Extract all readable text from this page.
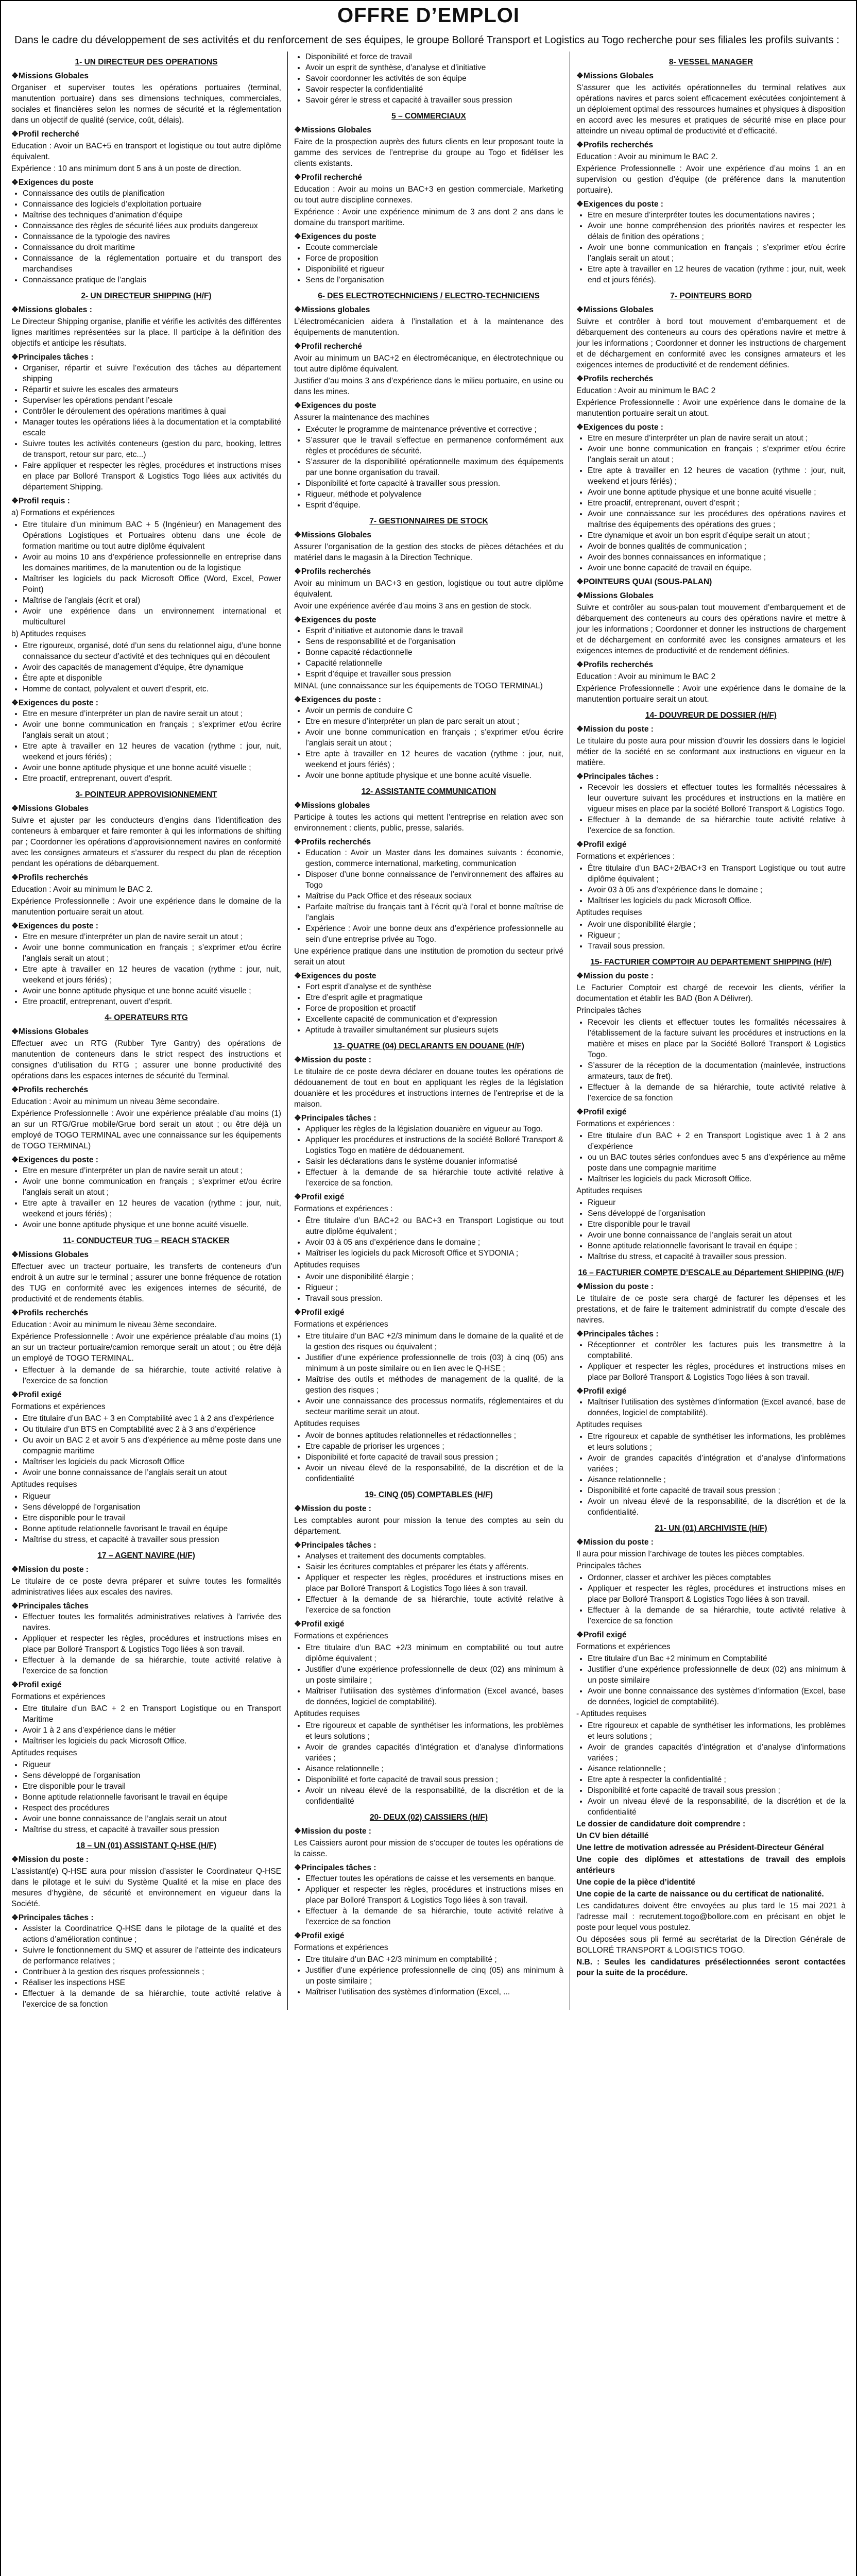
OFFRE D’EMPLOI
Dans le cadre du développement de ses activités et du renforcement de ses équipes, le groupe Bolloré Transport et Logistics au Togo recherche pour ses filiales les profils suivants :
1- UN DIRECTEUR DES OPERATIONS
❖ Missions Globales
Organiser et superviser toutes les opérations portuaires (terminal, manutention portuaire) dans ses dimensions techniques, commerciales, sociales et financières selon les normes de sécurité et la réglementation dans un objectif de qualité (service, coût, délais).
❖ Profil recherché
Education : Avoir un BAC+5 en transport et logistique ou tout autre diplôme équivalent.
Expérience : 10 ans minimum dont 5 ans à un poste de direction.
❖ Exigences du poste
• Connaissance des outils de planification
• Connaissance des logiciels d’exploitation portuaire
• Maîtrise des techniques d’animation d’équipe
• Connaissance des règles de sécurité liées aux produits dangereux
• Connaissance de la typologie des navires
• Connaissance du droit maritime
• Connaissance de la réglementation portuaire et du transport des marchandises
• Connaissance pratique de l’anglais
2- UN DIRECTEUR SHIPPING (H/F)
❖ Missions globales :
Le Directeur Shipping organise, planifie et vérifie les activités des différentes lignes maritimes représentées sur la place. Il participe à la définition des objectifs et anticipe les résultats.
❖ Principales tâches :
• Organiser, répartir et suivre l’exécution des tâches au département shipping
• Répartir et suivre les escales des armateurs
• Superviser les opérations pendant l’escale
• Contrôler le déroulement des opérations maritimes à quai
• Manager toutes les opérations liées à la documentation et la comptabilité escale
• Suivre toutes les activités conteneurs (gestion du parc, booking, lettres de transport, retour sur parc, etc...)
• Faire appliquer et respecter les règles, procédures et instructions mises en place par Bolloré Transport & Logistics Togo liées aux activités du département Shipping.
❖ Profil requis :
a) Formations et expériences
• Etre titulaire d’un minimum BAC + 5 (Ingénieur) en Management des Opérations Logistiques et Portuaires obtenu dans une école de formation maritime ou tout autre diplôme équivalent
• Avoir au moins 10 ans d’expérience professionnelle en entreprise dans les domaines maritimes, de la manutention ou de la logistique
• Maîtriser les logiciels du pack Microsoft Office (Word, Excel, Power Point)
• Maîtrise de l’anglais (écrit et oral)
• Avoir une expérience dans un environnement international et multiculturel
b) Aptitudes requises
• Etre rigoureux, organisé, doté d’un sens du relationnel aigu, d’une bonne connaissance du secteur d’activité et des techniques qui en découlent
• Avoir des capacités de management d’équipe, être dynamique
• Être apte et disponible
• Homme de contact, polyvalent et ouvert d’esprit, etc.
❖ Exigences du poste :
• Etre en mesure d’interpréter un plan de navire serait un atout ;
• Avoir une bonne communication en français ; s’exprimer et/ou écrire l’anglais serait un atout ;
• Etre apte à travailler en 12 heures de vacation (rythme : jour, nuit, weekend et jours fériés) ;
• Avoir une bonne aptitude physique et une bonne acuité visuelle ;
• Etre proactif, entreprenant, ouvert d’esprit.
3- POINTEUR APPROVISIONNEMENT
❖ Missions Globales
Suivre et ajuster par les conducteurs d’engins dans l’identification des conteneurs à embarquer et faire remonter à qui les informations de shifting par ; Coordonner les opérations d’approvisionnement navires en conformité avec les consignes armateurs et s’assurer du respect du plan de réception pendant les opérations de débarquement.
❖ Profils recherchés
Education : Avoir au minimum le BAC 2.
Expérience Professionnelle : Avoir une expérience dans le domaine de la manutention portuaire serait un atout.
❖ Exigences du poste :
• Etre en mesure d’interpréter un plan de navire serait un atout ;
• Avoir une bonne communication en français ; s’exprimer et/ou écrire l’anglais serait un atout ;
• Etre apte à travailler en 12 heures de vacation (rythme : jour, nuit, weekend et jours fériés) ;
• Avoir une bonne aptitude physique et une bonne acuité visuelle ;
• Etre proactif, entreprenant, ouvert d’esprit.
4- OPERATEURS RTG
❖ Missions Globales
Effectuer avec un RTG (Rubber Tyre Gantry) des opérations de manutention de conteneurs dans le strict respect des instructions et consignes d’utilisation du RTG ; assurer une bonne productivité des opérations dans les espaces internes de sécurité du Terminal.
❖ Profils recherchés
Education : Avoir au minimum un niveau 3ème secondaire.
Expérience Professionnelle : Avoir une expérience préalable d’au moins (1) an sur un RTG/Grue mobile/Grue bord serait un atout ; ou être déjà un employé de TOGO TERMINAL avec une connaissance sur les équipements de TOGO TERMINAL)
❖ Exigences du poste :
• Etre en mesure d’interpréter un plan de navire serait un atout ;
• Avoir une bonne communication en français ; s’exprimer et/ou écrire l’anglais serait un atout ;
• Etre apte à travailler en 12 heures de vacation (rythme : jour, nuit, weekend et jours fériés) ;
• Avoir une bonne aptitude physique et une bonne acuité visuelle.
11- CONDUCTEUR TUG – REACH STACKER
❖ Missions Globales
Effectuer avec un tracteur portuaire, les transferts de conteneurs d’un endroit à un autre sur le terminal ; assurer une bonne fréquence de rotation des TUG en conformité avec les exigences internes de sécurité, de productivité et de rendements établis.
❖ Profils recherchés
Education : Avoir au minimum le niveau 3ème secondaire.
Expérience Professionnelle : Avoir une expérience préalable d’au moins (1) an sur un tracteur portuaire/camion remorque serait un atout ; ou être déjà un employé de TOGO TERMINAL.
• Effectuer à la demande de sa hiérarchie, toute activité relative à l’exercice de sa fonction
❖ Profil exigé
Formations et expériences
• Etre titulaire d’un BAC + 3 en Comptabilité avec 1 à 2 ans d’expérience
• Ou titulaire d’un BTS en Comptabilité avec 2 à 3 ans d’expérience
• Ou avoir un BAC 2 et avoir 5 ans d’expérience au même poste dans une compagnie maritime
• Maîtriser les logiciels du pack Microsoft Office
• Avoir une bonne connaissance de l’anglais serait un atout
Aptitudes requises
• Rigueur
• Sens développé de l’organisation
• Etre disponible pour le travail
• Bonne aptitude relationnelle favorisant le travail en équipe
• Maîtrise du stress, et capacité à travailler sous pression
17 – AGENT NAVIRE (H/F)
❖ Mission du poste :
Le titulaire de ce poste devra préparer et suivre toutes les formalités administratives liées aux escales des navires.
❖ Principales tâches
• Effectuer toutes les formalités administratives relatives à l’arrivée des navires.
• Appliquer et respecter les règles, procédures et instructions mises en place par Bolloré Transport & Logistics Togo liées à son travail.
• Effectuer à la demande de sa hiérarchie, toute activité relative à l’exercice de sa fonction
❖ Profil exigé
Formations et expériences
• Etre titulaire d’un BAC + 2 en Transport Logistique ou en Transport Maritime
• Avoir 1 à 2 ans d’expérience dans le métier
• Maîtriser les logiciels du pack Microsoft Office.
Aptitudes requises
• Rigueur
• Sens développé de l’organisation
• Etre disponible pour le travail
• Bonne aptitude relationnelle favorisant le travail en équipe
• Respect des procédures
• Avoir une bonne connaissance de l’anglais serait un atout
• Maîtrise du stress, et capacité à travailler sous pression
18 – UN (01) ASSISTANT Q-HSE (H/F)
❖ Mission du poste :
L’assistant(e) Q-HSE aura pour mission d’assister le Coordinateur Q-HSE dans le pilotage et le suivi du Système Qualité et la mise en place des mesures d’hygiène, de sécurité et environnement en vigueur dans la Société.
❖ Principales tâches :
• Assister la Coordinatrice Q-HSE dans le pilotage de la qualité et des actions d’amélioration continue ;
• Suivre le fonctionnement du SMQ et assurer de l’atteinte des indicateurs de performance relatives ;
• Contribuer à la gestion des risques professionnels ;
• Réaliser les inspections HSE
• Effectuer à la demande de sa hiérarchie, toute activité relative à l’exercice de sa fonction
• Disponibilité et force de travail
• Avoir un esprit de synthèse, d’analyse et d’initiative
• Savoir coordonner les activités de son équipe
• Savoir respecter la confidentialité
• Savoir gérer le stress et capacité à travailler sous pression
5 – COMMERCIAUX
❖ Missions Globales
Faire de la prospection auprès des futurs clients en leur proposant toute la gamme des services de l’entreprise du groupe au Togo et fidéliser les clients existants.
❖ Profil recherché
Education : Avoir au moins un BAC+3 en gestion commerciale, Marketing ou tout autre discipline connexes.
Expérience : Avoir une expérience minimum de 3 ans dont 2 ans dans le domaine du transport maritime.
❖ Exigences du poste
• Ecoute commerciale
• Force de proposition
• Disponibilité et rigueur
• Sens de l’organisation
6- DES ELECTROTECHNICIENS / ELECTRO-TECHNICIENS
❖ Missions globales
L’électromécanicien aidera à l’installation et à la maintenance des équipements de manutention.
❖ Profil recherché
Avoir au minimum un BAC+2 en électromécanique, en électrotechnique ou tout autre diplôme équivalent.
Justifier d’au moins 3 ans d’expérience dans le milieu portuaire, en usine ou dans les mines.
❖ Exigences du poste
Assurer la maintenance des machines
• Exécuter le programme de maintenance préventive et corrective ;
• S’assurer que le travail s’effectue en permanence conformément aux règles et procédures de sécurité.
• S’assurer de la disponibilité opérationnelle maximum des équipements par une bonne organisation du travail.
• Disponibilité et forte capacité à travailler sous pression.
• Rigueur, méthode et polyvalence
• Esprit d’équipe.
7- GESTIONNAIRES DE STOCK
❖ Missions Globales
Assurer l’organisation de la gestion des stocks de pièces détachées et du matériel dans le magasin à la Direction Technique.
❖ Profils recherchés
Avoir au minimum un BAC+3 en gestion, logistique ou tout autre diplôme équivalent.
Avoir une expérience avérée d’au moins 3 ans en gestion de stock.
❖ Exigences du poste
• Esprit d’initiative et autonomie dans le travail
• Sens de responsabilité et de l’organisation
• Bonne capacité rédactionnelle
• Capacité relationnelle
• Esprit d’équipe et travailler sous pression
MINAL (une connaissance sur les équipements de TOGO TERMINAL)
❖ Exigences du poste :
• Avoir un permis de conduire C
• Etre en mesure d’interpréter un plan de parc serait un atout ;
• Avoir une bonne communication en français ; s’exprimer et/ou écrire l’anglais serait un atout ;
• Etre apte à travailler en 12 heures de vacation (rythme : jour, nuit, weekend et jours fériés) ;
• Avoir une bonne aptitude physique et une bonne acuité visuelle.
12- ASSISTANTE COMMUNICATION
❖ Missions globales
Participe à toutes les actions qui mettent l’entreprise en relation avec son environnement : clients, public, presse, salariés.
❖ Profils recherchés
• Education : Avoir un Master dans les domaines suivants : économie, gestion, commerce international, marketing, communication
• Disposer d’une bonne connaissance de l’environnement des affaires au Togo
• Maîtrise du Pack Office et des réseaux sociaux
• Parfaite maîtrise du français tant à l’écrit qu’à l’oral et bonne maîtrise de l’anglais
• Expérience : Avoir une bonne deux ans d’expérience professionnelle au sein d’une entreprise privée au Togo.
Une expérience pratique dans une institution de promotion du secteur privé serait un atout
❖ Exigences du poste
• Fort esprit d’analyse et de synthèse
• Etre d’esprit agile et pragmatique
• Force de proposition et proactif
• Excellente capacité de communication et d’expression
• Aptitude à travailler simultanément sur plusieurs sujets
13- QUATRE (04) DECLARANTS EN DOUANE (H/F)
❖ Mission du poste :
Le titulaire de ce poste devra déclarer en douane toutes les opérations de dédouanement de tout en bout en appliquant les règles de la législation douanière et les procédures et instructions internes de l’entreprise et de la maison.
❖ Principales tâches :
• Appliquer les règles de la législation douanière en vigueur au Togo.
• Appliquer les procédures et instructions de la société Bolloré Transport & Logistics Togo en matière de dédouanement.
• Saisir les déclarations dans le système douanier informatisé
• Effectuer à la demande de sa hiérarchie toute activité relative à l’exercice de sa fonction.
❖ Profil exigé
Formations et expériences :
• Être titulaire d’un BAC+2 ou BAC+3 en Transport Logistique ou tout autre diplôme équivalent ;
• Avoir 03 à 05 ans d’expérience dans le domaine ;
• Maîtriser les logiciels du pack Microsoft Office et SYDONIA ;
Aptitudes requises
• Avoir une disponibilité élargie ;
• Rigueur ;
• Travail sous pression.
❖ Profil exigé
Formations et expériences
• Etre titulaire d’un BAC +2/3 minimum dans le domaine de la qualité et de la gestion des risques ou équivalent ;
• Justifier d’une expérience professionnelle de trois (03) à cinq (05) ans minimum à un poste similaire ou en lien avec le Q-HSE ;
• Maîtrise des outils et méthodes de management de la qualité, de la gestion des risques ;
• Avoir une connaissance des processus normatifs, réglementaires et du secteur maritime serait un atout.
Aptitudes requises
• Avoir de bonnes aptitudes relationnelles et rédactionnelles ;
• Etre capable de prioriser les urgences ;
• Disponibilité et forte capacité de travail sous pression ;
• Avoir un niveau élevé de la responsabilité, de la discrétion et de la confidentialité
19- CINQ (05) COMPTABLES (H/F)
❖ Mission du poste :
Les comptables auront pour mission la tenue des comptes au sein du département.
❖ Principales tâches :
• Analyses et traitement des documents comptables.
• Saisir les écritures comptables et préparer les états y afférents.
• Appliquer et respecter les règles, procédures et instructions mises en place par Bolloré Transport & Logistics Togo liées à son travail.
• Effectuer à la demande de sa hiérarchie, toute activité relative à l’exercice de sa fonction
❖ Profil exigé
Formations et expériences
• Etre titulaire d’un BAC +2/3 minimum en comptabilité ou tout autre diplôme équivalent ;
• Justifier d’une expérience professionnelle de deux (02) ans minimum à un poste similaire ;
• Maîtriser l’utilisation des systèmes d’information (Excel avancé, bases de données, logiciel de comptabilité).
Aptitudes requises
• Etre rigoureux et capable de synthétiser les informations, les problèmes et leurs solutions ;
• Avoir de grandes capacités d’intégration et d’analyse d’informations variées ;
• Aisance relationnelle ;
• Disponibilité et forte capacité de travail sous pression ;
• Avoir un niveau élevé de la responsabilité, de la discrétion et de la confidentialité
20- DEUX (02) CAISSIERS (H/F)
❖ Mission du poste :
Les Caissiers auront pour mission de s’occuper de toutes les opérations de la caisse.
❖ Principales tâches :
• Effectuer toutes les opérations de caisse et les versements en banque.
• Appliquer et respecter les règles, procédures et instructions mises en place par Bolloré Transport & Logistics Togo liées à son travail.
• Effectuer à la demande de sa hiérarchie, toute activité relative à l’exercice de sa fonction
❖ Profil exigé
Formations et expériences
• Etre titulaire d’un BAC +2/3 minimum en comptabilité ;
• Justifier d’une expérience professionnelle de cinq (05) ans minimum à un poste similaire ;
• Maîtriser l’utilisation des systèmes d’information (Excel, ...
8- VESSEL MANAGER
❖ Missions Globales
S’assurer que les activités opérationnelles du terminal relatives aux opérations navires et parcs soient efficacement exécutées conjointement à un déploiement optimal des ressources humaines et physiques à disposition en accord avec les mesures et pratiques de sécurité mise en place pour atteindre un niveau optimal de productivité et d’efficacité.
❖ Profils recherchés
Education : Avoir au minimum le BAC 2.
Expérience Professionnelle : Avoir une expérience d’au moins 1 an en supervision ou gestion d’équipe (de préférence dans la manutention portuaire).
❖ Exigences du poste :
• Etre en mesure d’interpréter toutes les documentations navires ;
• Avoir une bonne compréhension des priorités navires et respecter les délais de finition des opérations ;
• Avoir une bonne communication en français ; s’exprimer et/ou écrire l’anglais serait un atout ;
• Etre apte à travailler en 12 heures de vacation (rythme : jour, nuit, week end et jours fériés).
7- POINTEURS BORD
❖ Missions Globales
Suivre et contrôler à bord tout mouvement d’embarquement et de débarquement des conteneurs au cours des opérations navire et mettre à jour les informations ; Coordonner et donner les instructions de chargement et de déchargement en conformité avec les consignes armateurs et les exigences internes de productivité et de rendement définies.
❖ Profils recherchés
Education : Avoir au minimum le BAC 2
Expérience Professionnelle : Avoir une expérience dans le domaine de la manutention portuaire serait un atout.
❖ Exigences du poste :
• Etre en mesure d’interpréter un plan de navire serait un atout ;
• Avoir une bonne communication en français ; s’exprimer et/ou écrire l’anglais serait un atout ;
• Etre apte à travailler en 12 heures de vacation (rythme : jour, nuit, weekend et jours fériés) ;
• Avoir une bonne aptitude physique et une bonne acuité visuelle ;
• Etre proactif, entreprenant, ouvert d’esprit ;
• Avoir une connaissance sur les procédures des opérations navires et maîtrise des équipements des opérations des grues ;
• Etre dynamique et avoir un bon esprit d’équipe serait un atout ;
• Avoir de bonnes qualités de communication ;
• Avoir des bonnes connaissances en informatique ;
• Avoir une bonne capacité de travail en équipe.
❖ POINTEURS QUAI (SOUS-PALAN)
❖ Missions Globales
Suivre et contrôler au sous-palan tout mouvement d’embarquement et de débarquement des conteneurs au cours des opérations navire et mettre à jour les informations ; Coordonner et donner les instructions de chargement et de déchargement en conformité avec les consignes armateurs et les exigences internes de productivité et de rendement définies.
❖ Profils recherchés
Education : Avoir au minimum le BAC 2
Expérience Professionnelle : Avoir une expérience dans le domaine de la manutention portuaire serait un atout.
14- DOUVREUR DE DOSSIER (H/F)
❖ Mission du poste :
Le titulaire du poste aura pour mission d’ouvrir les dossiers dans le logiciel métier de la société en se conformant aux instructions en vigueur en la matière.
❖ Principales tâches :
• Recevoir les dossiers et effectuer toutes les formalités nécessaires à leur ouverture suivant les procédures et instructions en la matière en vigueur mises en place par la société Bolloré Transport & Logistics Togo.
• Effectuer à la demande de sa hiérarchie toute activité relative à l’exercice de sa fonction.
❖ Profil exigé
Formations et expériences :
• Être titulaire d’un BAC+2/BAC+3 en Transport Logistique ou tout autre diplôme équivalent ;
• Avoir 03 à 05 ans d’expérience dans le domaine ;
• Maîtriser les logiciels du pack Microsoft Office.
Aptitudes requises
• Avoir une disponibilité élargie ;
• Rigueur ;
• Travail sous pression.
15- FACTURIER COMPTOIR AU DEPARTEMENT SHIPPING (H/F)
❖ Mission du poste :
Le Facturier Comptoir est chargé de recevoir les clients, vérifier la documentation et établir les BAD (Bon A Délivrer).
Principales tâches
• Recevoir les clients et effectuer toutes les formalités nécessaires à l’établissement de la facture suivant les procédures et instructions en la matière et mises en place par la Société Bolloré Transport & Logistics Togo.
• S’assurer de la réception de la documentation (mainlevée, instructions armateurs, taux de fret).
• Effectuer à la demande de sa hiérarchie, toute activité relative à l’exercice de sa fonction
❖ Profil exigé
Formations et expériences :
• Etre titulaire d’un BAC + 2 en Transport Logistique avec 1 à 2 ans d’expérience
• ou un BAC toutes séries confondues avec 5 ans d’expérience au même poste dans une compagnie maritime
• Maîtriser les logiciels du pack Microsoft Office.
Aptitudes requises
• Rigueur
• Sens développé de l’organisation
• Etre disponible pour le travail
• Avoir une bonne connaissance de l’anglais serait un atout
• Bonne aptitude relationnelle favorisant le travail en équipe ;
• Maîtrise du stress, et capacité à travailler sous pression.
16 – FACTURIER COMPTE D’ESCALE au Département SHIPPING (H/F)
❖ Mission du poste :
Le titulaire de ce poste sera chargé de facturer les dépenses et les prestations, et de faire le traitement administratif du compte d’escale des navires.
❖ Principales tâches :
• Réceptionner et contrôler les factures puis les transmettre à la comptabilité.
• Appliquer et respecter les règles, procédures et instructions mises en place par Bolloré Transport & Logistics Togo liées à son travail.
❖ Profil exigé
• Maîtriser l’utilisation des systèmes d’information (Excel avancé, base de données, logiciel de comptabilité).
Aptitudes requises
• Etre rigoureux et capable de synthétiser les informations, les problèmes et leurs solutions ;
• Avoir de grandes capacités d’intégration et d’analyse d’informations variées ;
• Aisance relationnelle ;
• Disponibilité et forte capacité de travail sous pression ;
• Avoir un niveau élevé de la responsabilité, de la discrétion et de la confidentialité.
21- UN (01) ARCHIVISTE (H/F)
❖ Mission du poste :
Il aura pour mission l’archivage de toutes les pièces comptables.
Principales tâches
• Ordonner, classer et archiver les pièces comptables
• Appliquer et respecter les règles, procédures et instructions mises en place par Bolloré Transport & Logistics Togo liées à son travail.
• Effectuer à la demande de sa hiérarchie, toute activité relative à l’exercice de sa fonction
❖ Profil exigé
Formations et expériences
• Etre titulaire d’un Bac +2 minimum en Comptabilité
• Justifier d’une expérience professionnelle de deux (02) ans minimum à un poste similaire
• Avoir une bonne connaissance des systèmes d’information (Excel, base de données, logiciel de comptabilité).
- Aptitudes requises
• Etre rigoureux et capable de synthétiser les informations, les problèmes et leurs solutions ;
• Avoir de grandes capacités d’intégration et d’analyse d’informations variées ;
• Aisance relationnelle ;
• Etre apte à respecter la confidentialité ;
• Disponibilité et forte capacité de travail sous pression ;
• Avoir un niveau élevé de la responsabilité, de la discrétion et de la confidentialité
Le dossier de candidature doit comprendre :
Un CV bien détaillé
Une lettre de motivation adressée au Président-Directeur Général
Une copie des diplômes et attestations de travail des emplois antérieurs
Une copie de la pièce d’identité
Une copie de la carte de naissance ou du certificat de nationalité.
Les candidatures doivent être envoyées au plus tard le 15 mai 2021 à l’adresse mail : recrutement.togo@bollore.com en précisant en objet le poste pour lequel vous postulez.
Ou déposées sous pli fermé au secrétariat de la Direction Générale de BOLLORÉ TRANSPORT & LOGISTICS TOGO.
N.B. : Seules les candidatures présélectionnées seront contactées pour la suite de la procédure.
